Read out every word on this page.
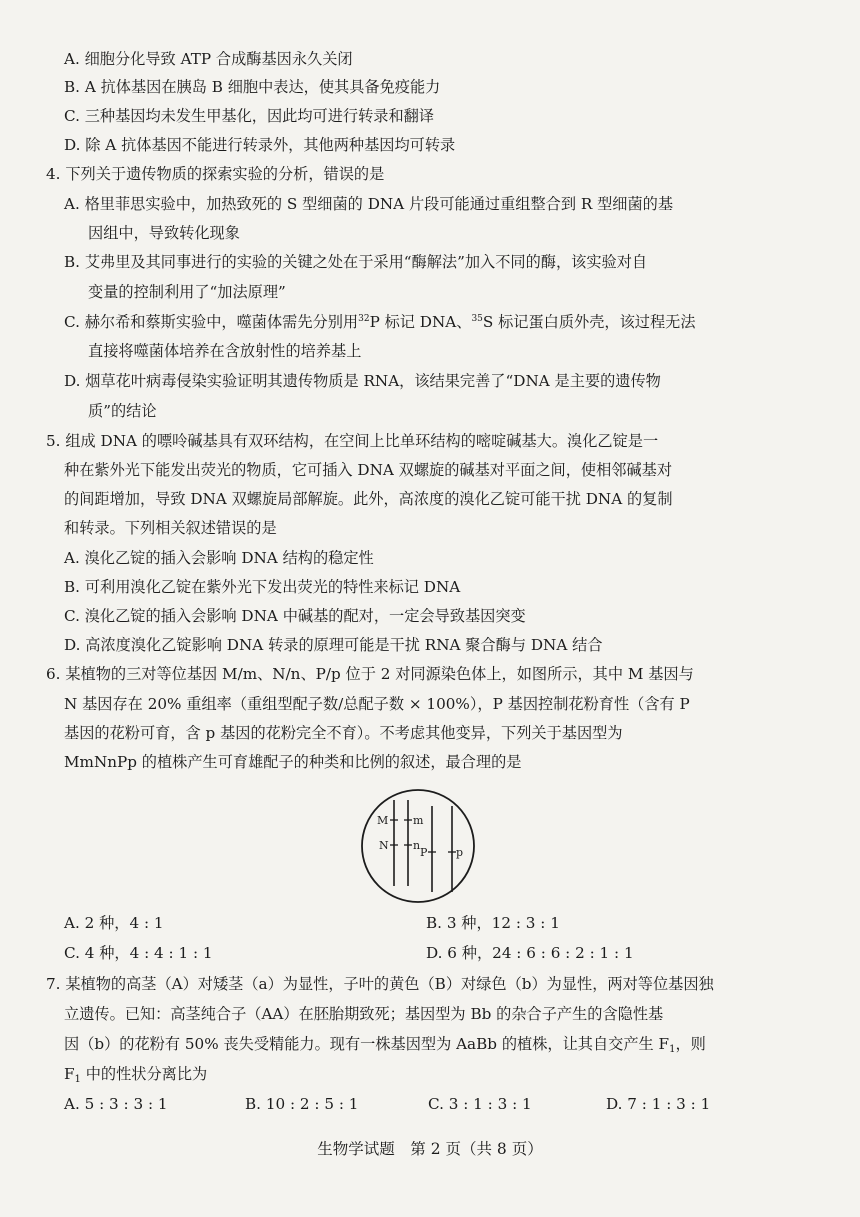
A. 细胞分化导致 ATP 合成酶基因永久关闭
B. A 抗体基因在胰岛 B 细胞中表达，使其具备免疫能力
C. 三种基因均未发生甲基化，因此均可进行转录和翻译
D. 除 A 抗体基因不能进行转录外，其他两种基因均可转录
4. 下列关于遗传物质的探索实验的分析，错误的是
A. 格里菲思实验中，加热致死的 S 型细菌的 DNA 片段可能通过重组整合到 R 型细菌的基
因组中，导致转化现象
B. 艾弗里及其同事进行的实验的关键之处在于采用“酶解法”加入不同的酶，该实验对自
变量的控制利用了“加法原理”
C. 赫尔希和蔡斯实验中，噬菌体需先分别用$^{32}$P 标记 DNA、$^{35}$S 标记蛋白质外壳，该过程无法
直接将噬菌体培养在含放射性的培养基上
D. 烟草花叶病毒侵染实验证明其遗传物质是 RNA，该结果完善了“DNA 是主要的遗传物
质”的结论
5. 组成 DNA 的嘌呤碱基具有双环结构，在空间上比单环结构的嘧啶碱基大。溴化乙锭是一
种在紫外光下能发出荧光的物质，它可插入 DNA 双螺旋的碱基对平面之间，使相邻碱基对
的间距增加，导致 DNA 双螺旋局部解旋。此外，高浓度的溴化乙锭可能干扰 DNA 的复制
和转录。下列相关叙述错误的是
A. 溴化乙锭的插入会影响 DNA 结构的稳定性
B. 可利用溴化乙锭在紫外光下发出荧光的特性来标记 DNA
C. 溴化乙锭的插入会影响 DNA 中碱基的配对，一定会导致基因突变
D. 高浓度溴化乙锭影响 DNA 转录的原理可能是干扰 RNA 聚合酶与 DNA 结合
6. 某植物的三对等位基因 M/m、N/n、P/p 位于 2 对同源染色体上，如图所示，其中 M 基因与
N 基因存在 20% 重组率（重组型配子数/总配子数 × 100%），P 基因控制花粉育性（含有 P
基因的花粉可育，含 p 基因的花粉完全不育）。不考虑其他变异，下列关于基因型为
MmNnPp 的植株产生可育雄配子的种类和比例的叙述，最合理的是
M m
N n
P	p
A. 2 种，4 : 1	B. 3 种，12 : 3 : 1
C. 4 种，4 : 4 : 1 : 1	D. 6 种，24 : 6 : 6 : 2 : 1 : 1
7. 某植物的高茎（A）对矮茎（a）为显性，子叶的黄色（B）对绿色（b）为显性，两对等位基因独
立遗传。已知：高茎纯合子（AA）在胚胎期致死；基因型为 Bb 的杂合子产生的含隐性基
因（b）的花粉有 50% 丧失受精能力。现有一株基因型为 AaBb 的植株，让其自交产生 $F_1$，则
$F_1$ 中的性状分离比为
A. 5 : 3 : 3 : 1	B. 10 : 2 : 5 : 1	C. 3 : 1 : 3 : 1	D. 7 : 1 : 3 : 1
生物学试题　第 2 页（共 8 页）
